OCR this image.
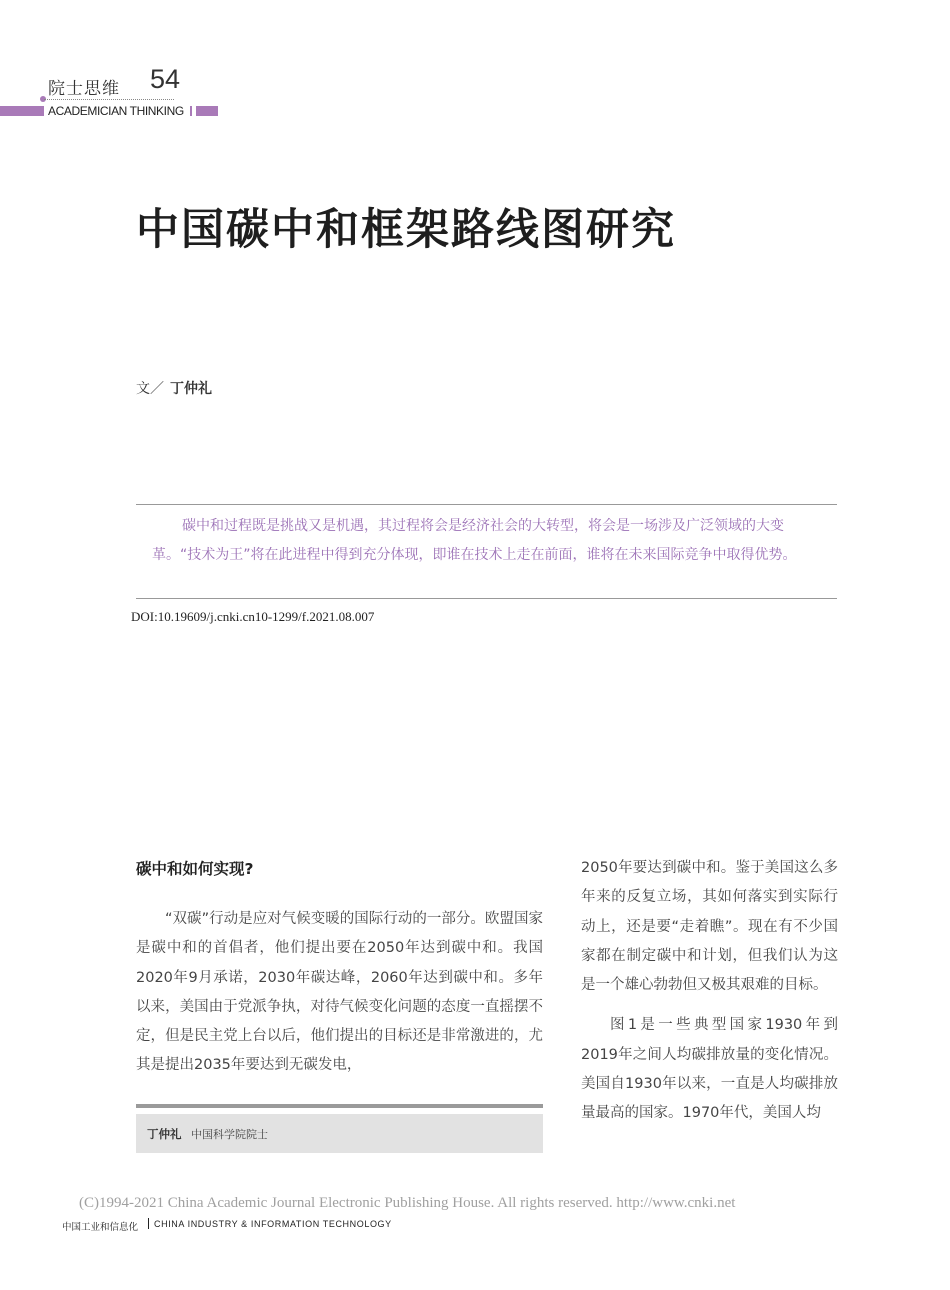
院士思维 54
ACADEMICIAN THINKING
中国碳中和框架路线图研究
文／ 丁仲礼
碳中和过程既是挑战又是机遇，其过程将会是经济社会的大转型，将会是一场涉及广泛领域的大变革。“技术为王”将在此进程中得到充分体现，即谁在技术上走在前面，谁将在未来国际竞争中取得优势。
DOI:10.19609/j.cnki.cn10-1299/f.2021.08.007
碳中和如何实现?

“双碳”行动是应对气候变暖的国际行动的一部分。欧盟国家是碳中和的首倡者，他们提出要在2050年达到碳中和。我国2020年9月承诺，2030年碳达峰，2060年达到碳中和。多年以来，美国由于党派争执，对待气候变化问题的态度一直摇摆不定，但是民主党上台以后，他们提出的目标还是非常激进的，尤其是提出2035年要达到无碳发电，

2050年要达到碳中和。鉴于美国这么多年来的反复立场，其如何落实到实际行动上，还是要“走着瞧”。现在有不少国家都在制定碳中和计划，但我们认为这是一个雄心勃勃但又极其艰难的目标。

图1是一些典型国家1930年到2019年之间人均碳排放量的变化情况。美国自1930年以来，一直是人均碳排放量最高的国家。1970年代，美国人均

丁仲礼 中国科学院院士
(C)1994-2021 China Academic Journal Electronic Publishing House. All rights reserved. http://www.cnki.net
中国工业和信息化 CHINA INDUSTRY & INFORMATION TECHNOLOGY
